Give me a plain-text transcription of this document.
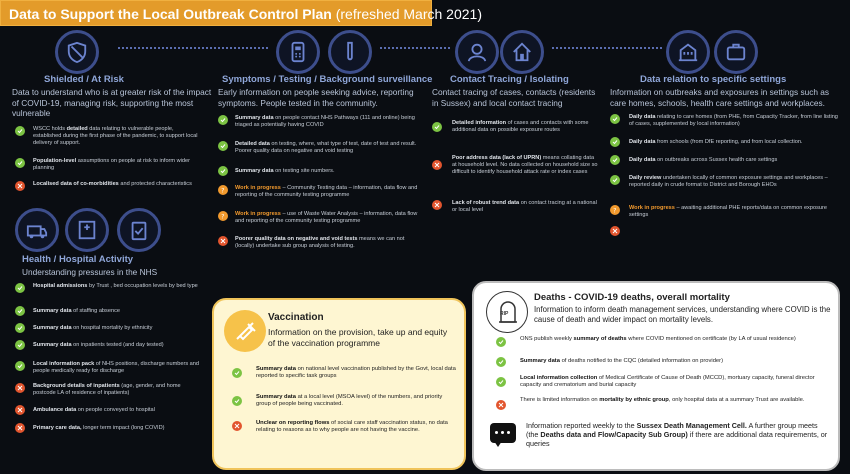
Data to Support the Local Outbreak Control Plan (refreshed March 2021)
Shielded / At Risk
Data to understand who is at greater risk of the impact of COVID-19, managing risk, supporting the most vulnerable
WSCC holds detailed data relating to vulnerable people, established during the first phase of the pandemic, to support local delivery of support.
Population-level assumptions on people at risk to inform wider planning
Localised data of co-morbidities and protected characteristics
Health / Hospital Activity
Understanding pressures in the NHS
Hospital admissions by Trust , bed occupation levels by bed type
Summary data of staffing absence
Summary data on hospital mortality by ethnicity
Summary data on inpatients tested (and day tested)
Local information pack of NHS positions, discharge numbers and people medically ready for discharge
Background details of inpatients (age, gender, and home postcode LA of residence of inpatients)
Ambulance data on people conveyed to hospital
Primary care data, longer term impact (long COVID)
Symptoms / Testing / Background surveillance
Early information on people seeking advice, reporting symptoms. People tested in the community.
Summary data on people contact NHS Pathways (111 and online) being triaged as potentially having COVID
Detailed data on testing, where, what type of test, date of test and result. Poorer quality data on negative and void testing
Summary data on testing site numbers.
? Work in progress – Community Testing data – information, data flow and reporting of the community testing programme
? Work in progress – use of Waste Water Analysis – information, data flow and reporting of the community testing programme
Poorer quality data on negative and void tests means we can not (locally) undertake sub group analysis of testing.
Contact Tracing / Isolating
Contact tracing of cases, contacts (residents in Sussex) and local contact tracing
Detailed information of cases and contacts with some additional data on possible exposure routes
Poor address data (lack of UPRN) means collating data at household level. No data collected on household size so difficult to identify household attack rate or index cases
Lack of robust trend data on contact tracing at a national or local level
Data relation to specific settings
Information on outbreaks and exposures in settings such as care homes, schools, health care settings and workplaces.
Daily data relating to care homes (from PHE, from Capacity Tracker, from line listing of cases, supplemented by local information)
Daily data from schools (from DfE reporting, and from local collection.
Daily data on outbreaks across Sussex health care settings
Daily review undertaken locally of common exposure settings and workplaces – reported daily in crude format to District and Borough EHOs
? Work in progress – awaiting additional PHE reports/data on common exposure settings
Vaccination
Information on the provision, take up and equity of the vaccination programme
Summary data on national level vaccination published by the Govt, local data reported to specific task groups
Summary data at a local level (MSOA level) of the numbers, and priority group of people being vaccinated.
Unclear on reporting flows of social care staff vaccination status, no data relating to reasons as to why people are not having the vaccine.
RIP
Deaths - COVID-19 deaths, overall mortality
Information to inform death management services, understanding where COVID is the cause of death and wider impact on mortality levels.
ONS publish weekly summary of deaths where COVID mentioned on certificate (by LA of usual residence)
Summary data of deaths notified to the CQC (detailed information on provider)
Local information collection of Medical Certificate of Cause of Death (MCCD), mortuary capacity, funeral director capacity and crematorium and burial capacity
There is limited information on mortality by ethnic group, only hospital data at a summary Trust are available.
Information reported weekly to the Sussex Death Management Cell. A further group meets (the Deaths data and Flow/Capacity Sub Group) if there are additional data requirements, or queries
